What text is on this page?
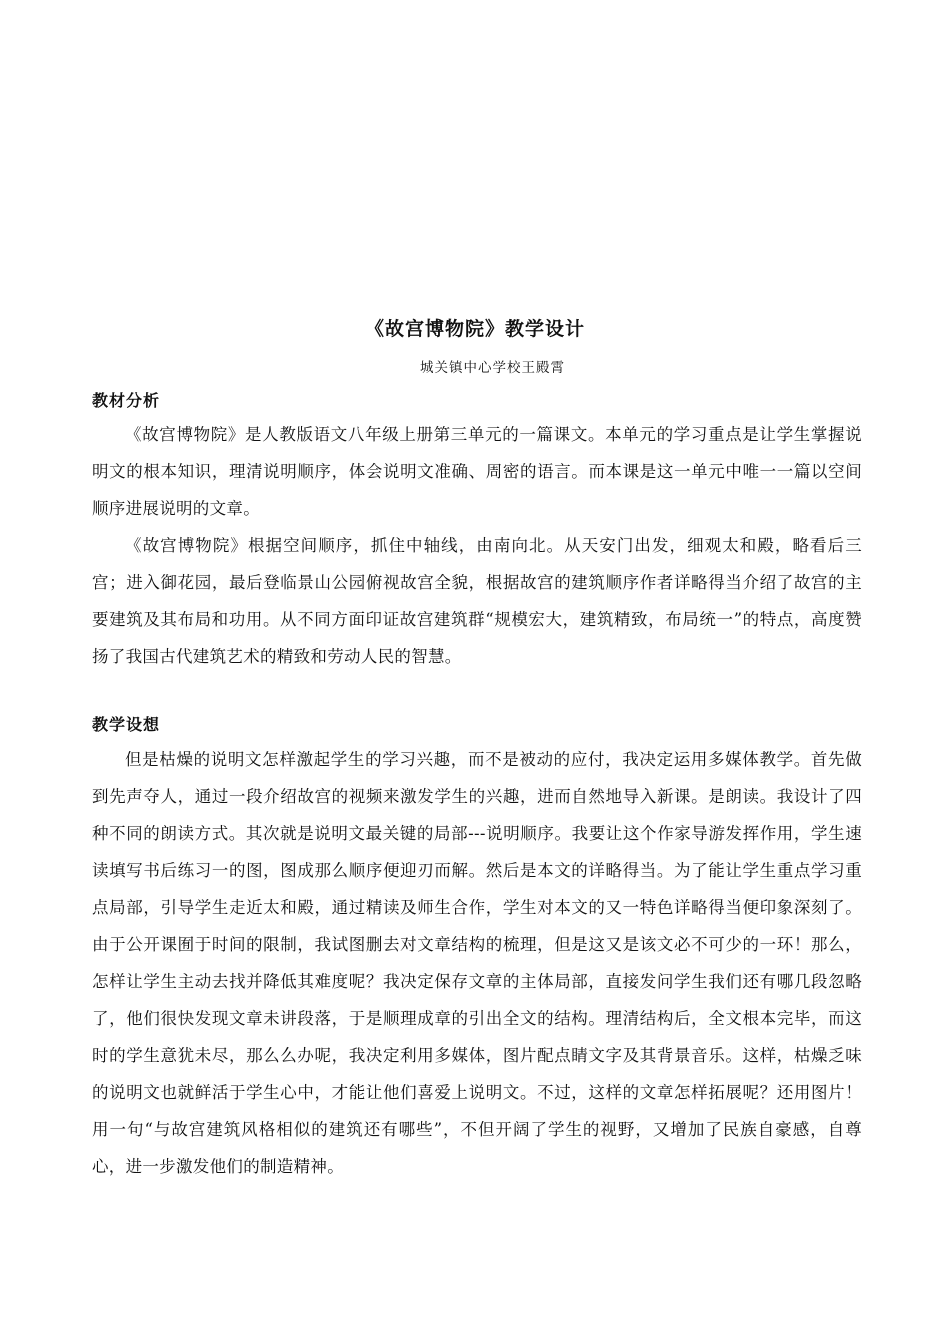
《故宫博物院》教学设计
城关镇中心学校王殿霄
教材分析
《故宫博物院》是人教版语文八年级上册第三单元的一篇课文。本单元的学习重点是让学生掌握说明文的根本知识，理清说明顺序，体会说明文准确、周密的语言。而本课是这一单元中唯一一篇以空间顺序进展说明的文章。
《故宫博物院》根据空间顺序，抓住中轴线，由南向北。从天安门出发，细观太和殿，略看后三宫；进入御花园，最后登临景山公园俯视故宫全貌，根据故宫的建筑顺序作者详略得当介绍了故宫的主要建筑及其布局和功用。从不同方面印证故宫建筑群“规模宏大，建筑精致，布局统一”的特点，高度赞扬了我国古代建筑艺术的精致和劳动人民的智慧。
教学设想
但是枯燥的说明文怎样激起学生的学习兴趣，而不是被动的应付，我决定运用多媒体教学。首先做到先声夺人，通过一段介绍故宫的视频来激发学生的兴趣，进而自然地导入新课。是朗读。我设计了四种不同的朗读方式。其次就是说明文最关键的局部---说明顺序。我要让这个作家导游发挥作用，学生速读填写书后练习一的图，图成那么顺序便迎刃而解。然后是本文的详略得当。为了能让学生重点学习重点局部，引导学生走近太和殿，通过精读及师生合作，学生对本文的又一特色详略得当便印象深刻了。由于公开课囿于时间的限制，我试图删去对文章结构的梳理，但是这又是该文必不可少的一环！那么，怎样让学生主动去找并降低其难度呢？我决定保存文章的主体局部，直接发问学生我们还有哪几段忽略了，他们很快发现文章未讲段落，于是顺理成章的引出全文的结构。理清结构后，全文根本完毕，而这时的学生意犹未尽，那么么办呢，我决定利用多媒体，图片配点睛文字及其背景音乐。这样，枯燥乏味的说明文也就鲜活于学生心中，才能让他们喜爱上说明文。不过，这样的文章怎样拓展呢？还用图片！用一句“与故宫建筑风格相似的建筑还有哪些”，不但开阔了学生的视野，又增加了民族自豪感，自尊心，进一步激发他们的制造精神。
